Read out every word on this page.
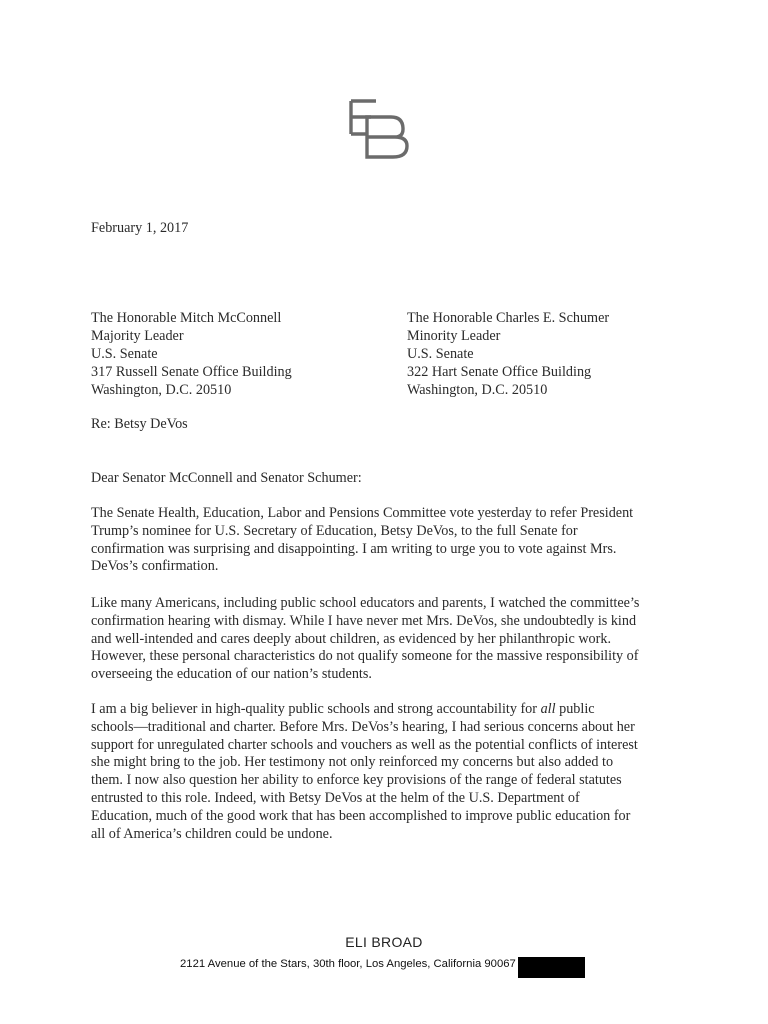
February 1, 2017

The Honorable Mitch McConnell
Majority Leader
U.S. Senate
317 Russell Senate Office Building
Washington, D.C. 20510
The Honorable Charles E. Schumer
Minority Leader
U.S. Senate
322 Hart Senate Office Building
Washington, D.C. 20510

Re: Betsy DeVos

Dear Senator McConnell and Senator Schumer:

The Senate Health, Education, Labor and Pensions Committee vote yesterday to refer President
Trump’s nominee for U.S. Secretary of Education, Betsy DeVos, to the full Senate for
confirmation was surprising and disappointing. I am writing to urge you to vote against Mrs.
DeVos’s confirmation.
Like many Americans, including public school educators and parents, I watched the committee’s
confirmation hearing with dismay. While I have never met Mrs. DeVos, she undoubtedly is kind
and well-intended and cares deeply about children, as evidenced by her philanthropic work.
However, these personal characteristics do not qualify someone for the massive responsibility of
overseeing the education of our nation’s students.
I am a big believer in high-quality public schools and strong accountability for all public
schools—traditional and charter. Before Mrs. DeVos’s hearing, I had serious concerns about her
support for unregulated charter schools and vouchers as well as the potential conflicts of interest
she might bring to the job. Her testimony not only reinforced my concerns but also added to
them. I now also question her ability to enforce key provisions of the range of federal statutes
entrusted to this role. Indeed, with Betsy DeVos at the helm of the U.S. Department of
Education, much of the good work that has been accomplished to improve public education for
all of America’s children could be undone.
ELI BROAD
2121 Avenue of the Stars, 30th floor, Los Angeles, California 90067
